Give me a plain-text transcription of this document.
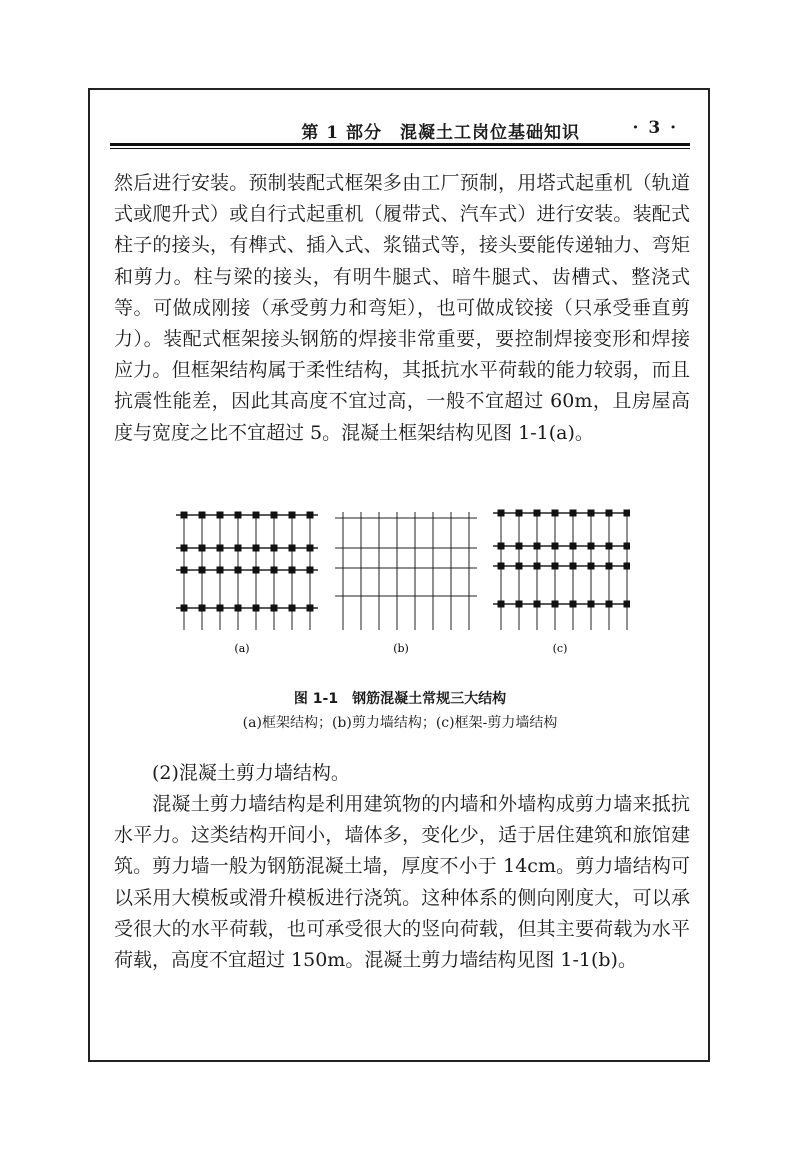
第 1 部分　混凝土工岗位基础知识	· 3 ·

然后进行安装。预制装配式框架多由工厂预制，用塔式起重机（轨道式或爬升式）或自行式起重机（履带式、汽车式）进行安装。装配式柱子的接头，有榫式、插入式、浆锚式等，接头要能传递轴力、弯矩和剪力。柱与梁的接头，有明牛腿式、暗牛腿式、齿槽式、整浇式等。可做成刚接（承受剪力和弯矩），也可做成铰接（只承受垂直剪力）。装配式框架接头钢筋的焊接非常重要，要控制焊接变形和焊接应力。但框架结构属于柔性结构，其抵抗水平荷载的能力较弱，而且抗震性能差，因此其高度不宜过高，一般不宜超过 60m，且房屋高度与宽度之比不宜超过 5。混凝土框架结构见图 1-1(a)。

(a)	(b)	(c)
图 1-1　钢筋混凝土常规三大结构
(a)框架结构；(b)剪力墙结构；(c)框架-剪力墙结构

(2)混凝土剪力墙结构。

混凝土剪力墙结构是利用建筑物的内墙和外墙构成剪力墙来抵抗水平力。这类结构开间小，墙体多，变化少，适于居住建筑和旅馆建筑。剪力墙一般为钢筋混凝土墙，厚度不小于 14cm。剪力墙结构可以采用大模板或滑升模板进行浇筑。这种体系的侧向刚度大，可以承受很大的水平荷载，也可承受很大的竖向荷载，但其主要荷载为水平荷载，高度不宜超过 150m。混凝土剪力墙结构见图 1-1(b)。
